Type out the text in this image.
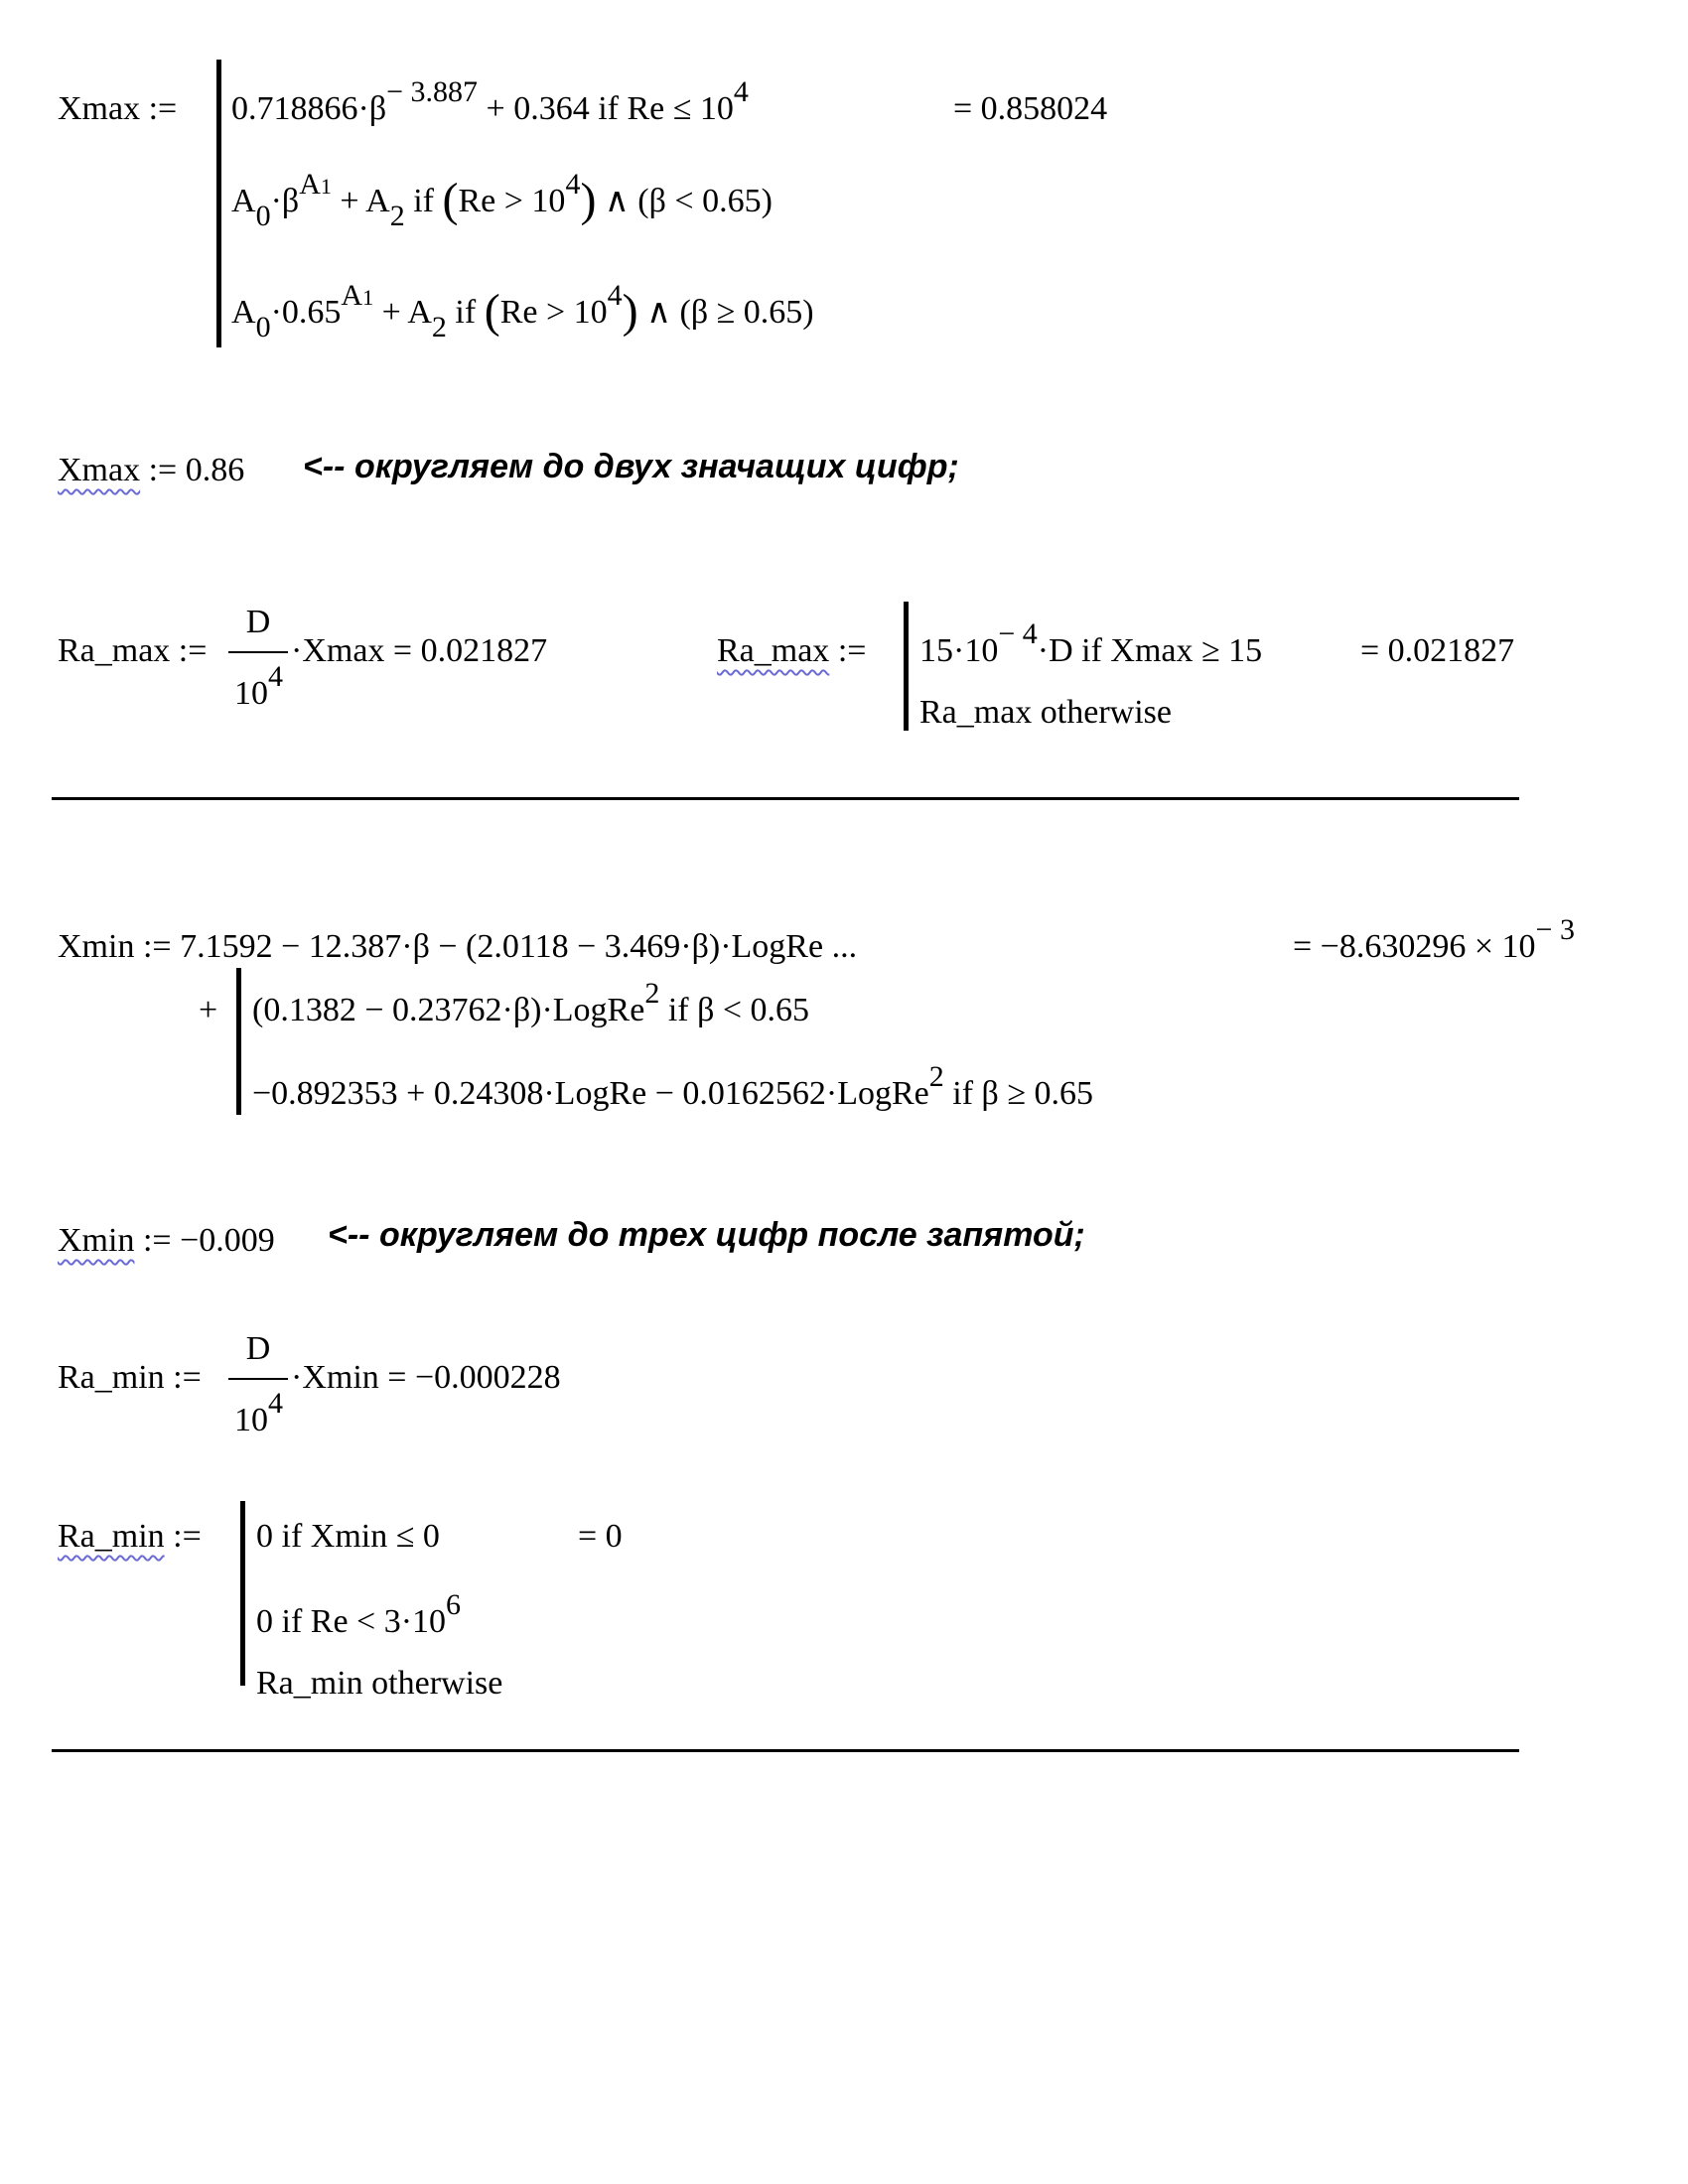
Xmax := 0.718866·β− 3.887 + 0.364 if Re ≤ 104	= 0.858024
A0·βA1 + A2 if (Re > 104) ∧ (β < 0.65)
A0·0.65A1 + A2 if (Re > 104) ∧ (β ≥ 0.65)
Xmax := 0.86 <-- округляем до двух значащих цифр;
Ra_max :=
D
104
·Xmax = 0.021827	Ra_max := 15·10− 4·D if Xmax ≥ 15	= 0.021827
Ra_max otherwise
Xmin := 7.1592 − 12.387·β − (2.0118 − 3.469·β)·LogRe ...	= −8.630296 × 10− 3
+ (0.1382 − 0.23762·β)·LogRe2 if β < 0.65
−0.892353 + 0.24308·LogRe − 0.0162562·LogRe2 if β ≥ 0.65
Xmin := −0.009 <-- округляем до трех цифр после запятой;
Ra_min :=
D
104
·Xmin = −0.000228
Ra_min := 0 if Xmin ≤ 0	= 0
0 if Re < 3·106
Ra_min otherwise
